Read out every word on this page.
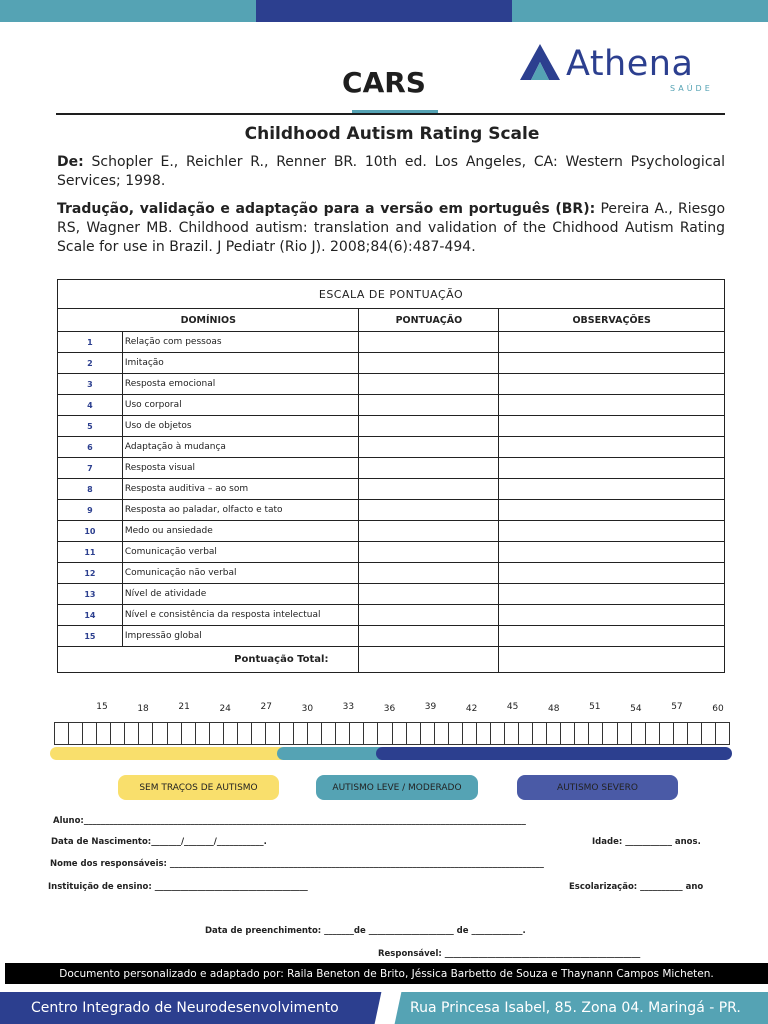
CARS	Athena
SAÚDE
Childhood Autism Rating Scale
De: Schopler E., Reichler R., Renner BR. 10th ed. Los Angeles, CA: Western Psychological Services; 1998.
Tradução, validação e adaptação para a versão em português (BR): Pereira A., Riesgo RS, Wagner MB. Childhood autism: translation and validation of the Chidhood Autism Rating Scale for use in Brazil. J Pediatr (Rio J). 2008;84(6):487-494.
ESCALA DE PONTUAÇÃO			
DOMÍNIOS		PONTUAÇÃO	OBSERVAÇÕES
1	Relação com pessoas		
2	Imitação		
3	Resposta emocional		
4	Uso corporal		
5	Uso de objetos		
6	Adaptação à mudança		
7	Resposta visual		
8	Resposta auditiva – ao som		
9	Resposta ao paladar, olfacto e tato		
10	Medo ou ansiedade		
11	Comunicação verbal		
12	Comunicação não verbal		
13	Nível de atividade		
14	Nível e consistência da resposta intelectual		
15	Impressão global		
Pontuação Total:			
15	18	21	24	27	30	33	36	39	42	45	48	51	54	57	60
SEM TRAÇOS DE AUTISMO	AUTISMO LEVE / MODERADO	AUTISMO SEVERO
Aluno:________________________________________________________________________________________________________
Data de Nascimento:_______/_______/___________.	Idade: ___________ anos.
Nome dos responsáveis: ________________________________________________________________________________________
Instituição de ensino: ____________________________________	Escolarização: __________ ano
Data de preenchimento: _______de ____________________ de ____________.
Responsável: ______________________________________________
Documento personalizado e adaptado por: Raila Beneton de Brito, Jéssica Barbetto de Souza e Thaynann Campos Micheten.
Centro Integrado de Neurodesenvolvimento	Rua Princesa Isabel, 85. Zona 04. Maringá - PR.
